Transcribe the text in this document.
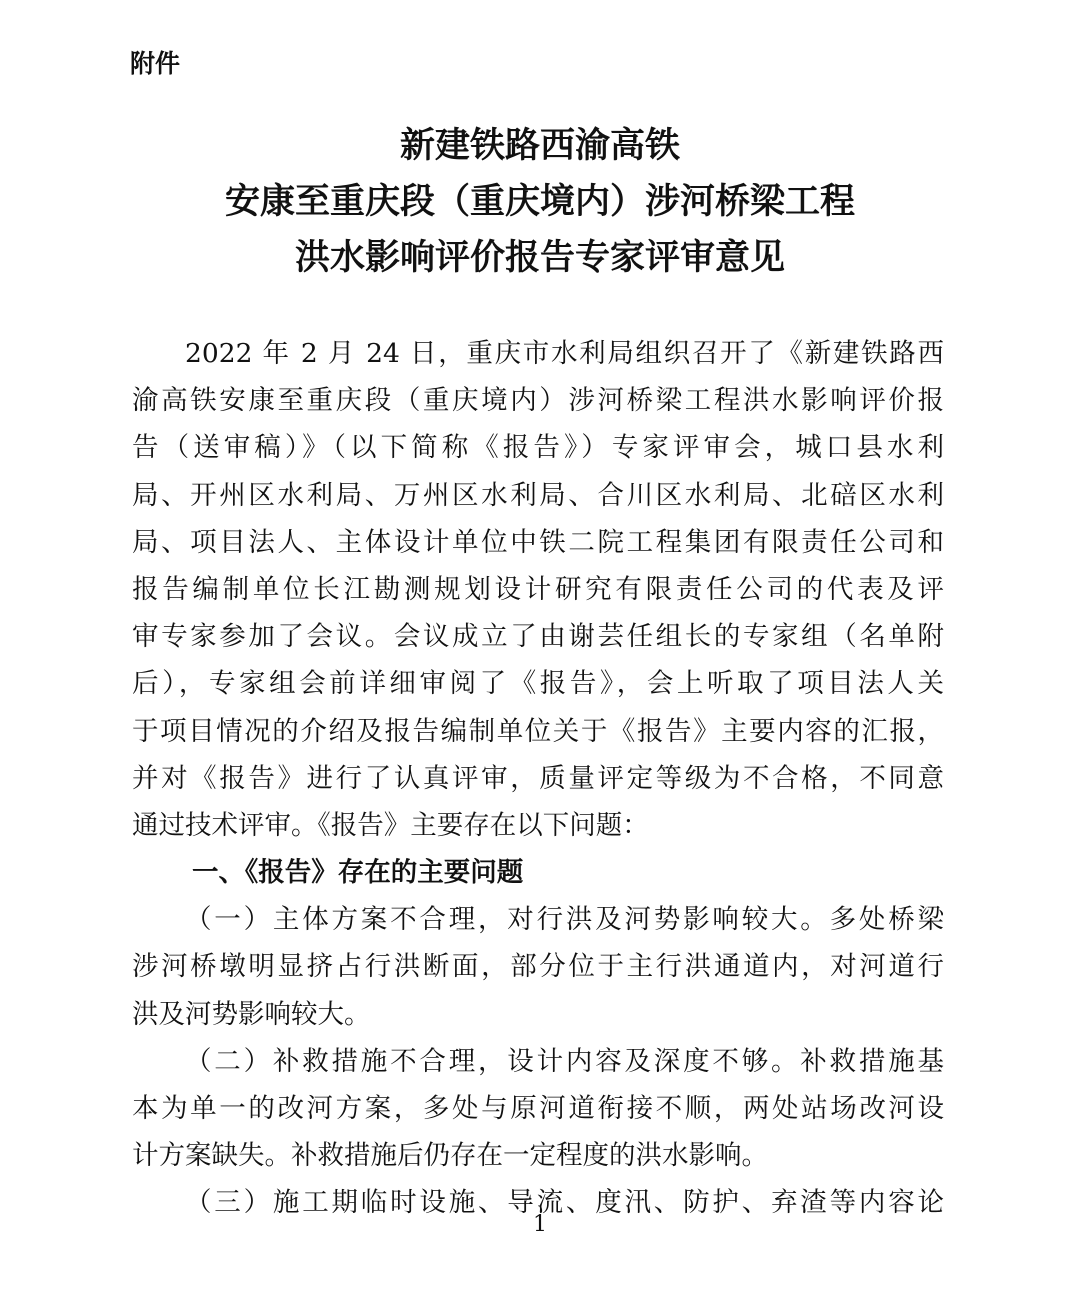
附件
新建铁路西渝高铁
安康至重庆段（重庆境内）涉河桥梁工程
洪水影响评价报告专家评审意见
2022 年 2 月 24 日，重庆市水利局组织召开了《新建铁路西
渝高铁安康至重庆段（重庆境内）涉河桥梁工程洪水影响评价报
告（送审稿）》（以下简称《报告》）专家评审会，城口县水利
局、开州区水利局、万州区水利局、合川区水利局、北碚区水利
局、项目法人、主体设计单位中铁二院工程集团有限责任公司和
报告编制单位长江勘测规划设计研究有限责任公司的代表及评
审专家参加了会议。会议成立了由谢芸任组长的专家组（名单附
后），专家组会前详细审阅了《报告》，会上听取了项目法人关
于项目情况的介绍及报告编制单位关于《报告》主要内容的汇报，
并对《报告》进行了认真评审，质量评定等级为不合格，不同意
通过技术评审。《报告》主要存在以下问题：
一、《报告》存在的主要问题
（一）主体方案不合理，对行洪及河势影响较大。多处桥梁
涉河桥墩明显挤占行洪断面，部分位于主行洪通道内，对河道行
洪及河势影响较大。
（二）补救措施不合理，设计内容及深度不够。补救措施基
本为单一的改河方案，多处与原河道衔接不顺，两处站场改河设
计方案缺失。补救措施后仍存在一定程度的洪水影响。
（三）施工期临时设施、导流、度汛、防护、弃渣等内容论
1
